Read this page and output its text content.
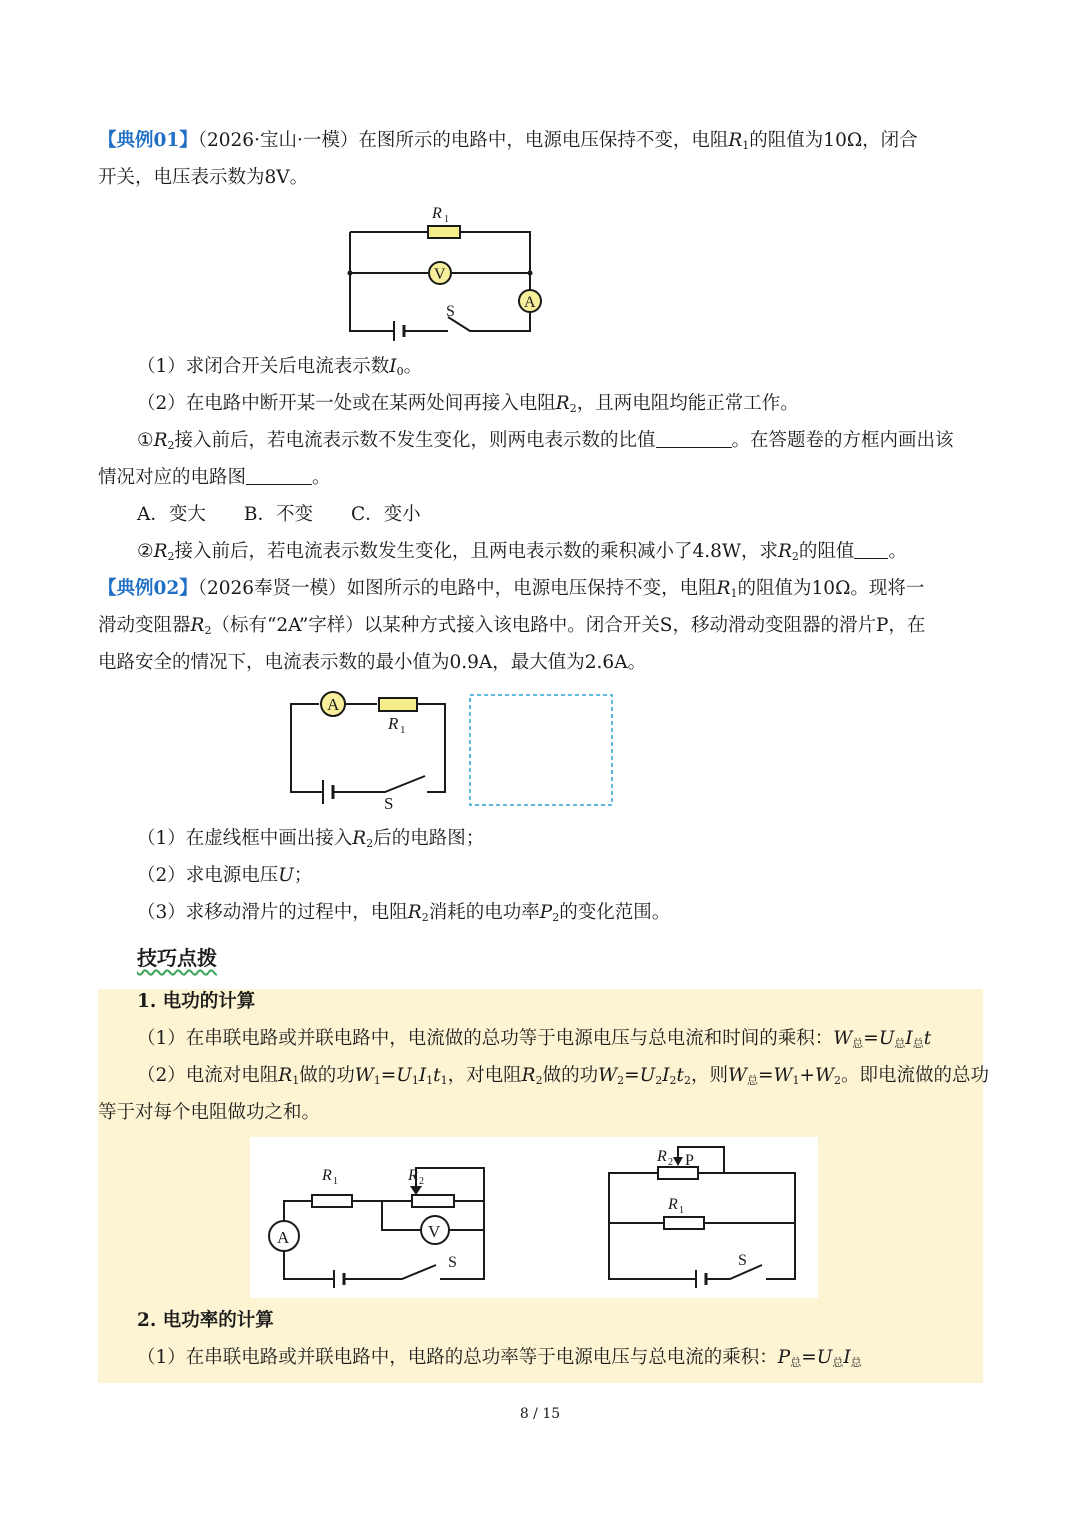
【典例01】（2026·宝山·一模）在图所示的电路中，电源电压保持不变，电阻$R_1$的阻值为10Ω，闭合
开关，电压表示数为8V。
R 1
V
A
S
（1）求闭合开关后电流表示数$I_0$。
（2）在电路中断开某一处或在某两处间再接入电阻$R_2$，且两电阻均能正常工作。
$①R_2$接入前后，若电流表示数不发生变化，则两电表示数的比值	。在答题卷的方框内画出该
情况对应的电路图	。
A．变大 B．不变 C．变小
$②R_2$接入前后，若电流表示数发生变化，且两电表示数的乘积减小了4.8W，求$R_2$的阻值 。
【典例02】（2026奉贤一模）如图所示的电路中，电源电压保持不变，电阻$R_1$的阻值为10Ω。现将一
滑动变阻器$R_2$（标有“2A”字样）以某种方式接入该电路中。闭合开关S，移动滑动变阻器的滑片P，在
电路安全的情况下，电流表示数的最小值为0.9A，最大值为2.6A。
A
R 1
S
（1）在虚线框中画出接入$R_2$后的电路图；
（2）求电源电压U；
（3）求移动滑片的过程中，电阻$R_2$消耗的电功率$P_2$的变化范围。
技巧点拨
1. 电功的计算
（1）在串联电路或并联电路中，电流做的总功等于电源电压与总电流和时间的乘积：$W_总=U_总I_总t$
（2）电流对电阻$R_1$做的功$W_1=U_1I_1t_1$，对电阻$R_2$做的功$W_2=U_2I_2t_2$，则$W_总=W_1+W_2$。即电流做的总功
等于对每个电阻做功之和。
R 1	R 2
A	V
S
R 2 P
R 1
S
2. 电功率的计算
（1）在串联电路或并联电路中，电路的总功率等于电源电压与总电流的乘积：$P_总=U_总I_总$
8 / 15
